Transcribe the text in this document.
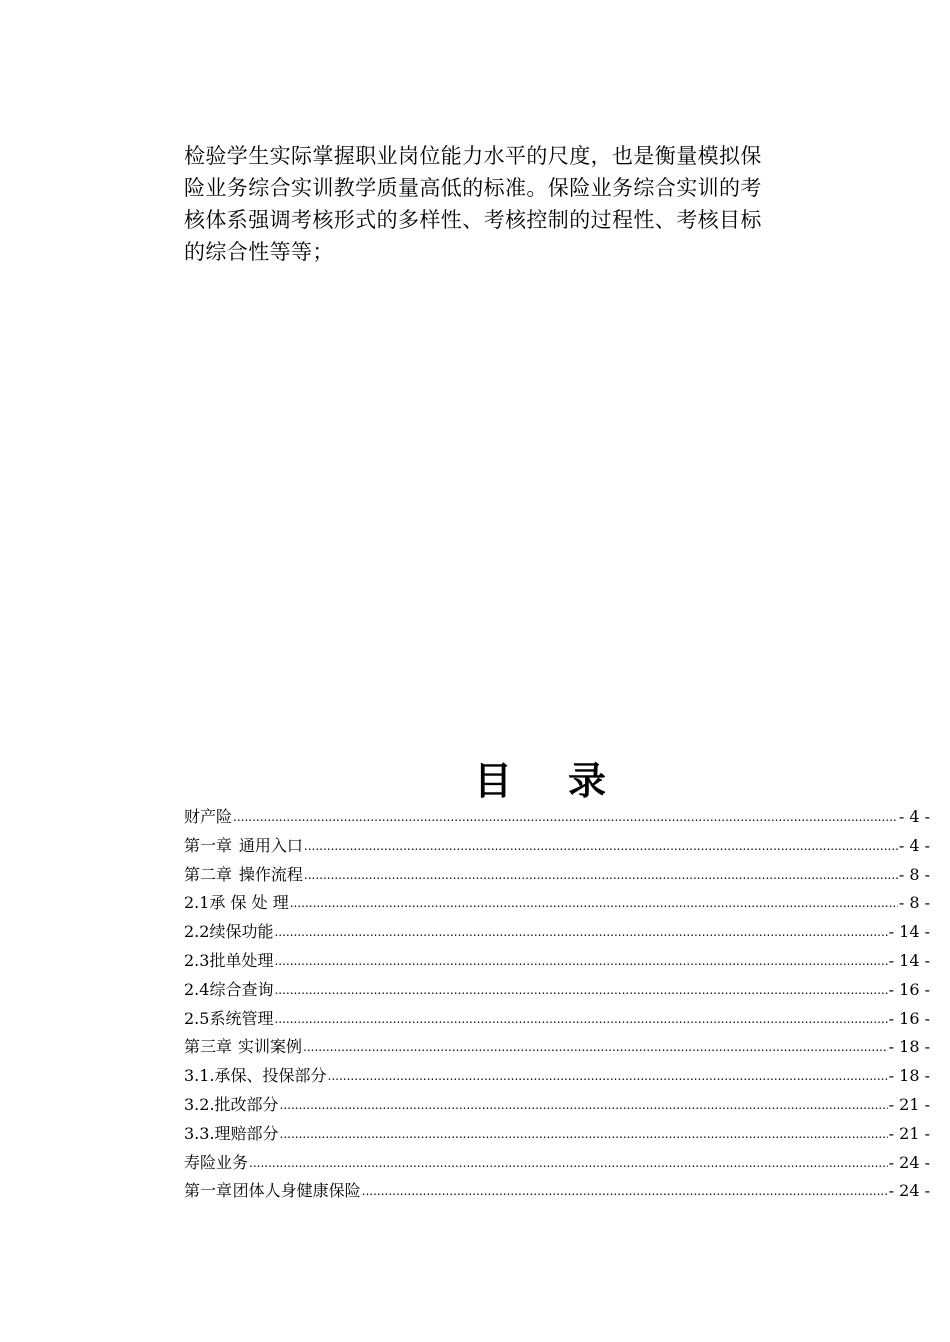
检验学生实际掌握职业岗位能力水平的尺度，也是衡量模拟保
险业务综合实训教学质量高低的标准。保险业务综合实训的考
核体系强调考核形式的多样性、考核控制的过程性、考核目标
的综合性等等；
目 录
财产险 .....	- 4 -
第一章 通用入口 .....	- 4 -
第二章 操作流程 .....	- 8 -
2.1 承 保 处 理 .....	- 8 -
2.2 续保功能 .....	- 14 -
2.3 批单处理 .....	- 14 -
2.4 综合查询 .....	- 16 -
2.5 系统管理 .....	- 16 -
第三章 实训案例 .....	- 18 -
3.1. 承保、投保部分 .....	- 18 -
3.2. 批改部分 .....	- 21 -
3.3. 理赔部分 .....	- 21 -
寿险业务 .....	- 24 -
第一章 团体人身健康保险 .....	- 24 -
